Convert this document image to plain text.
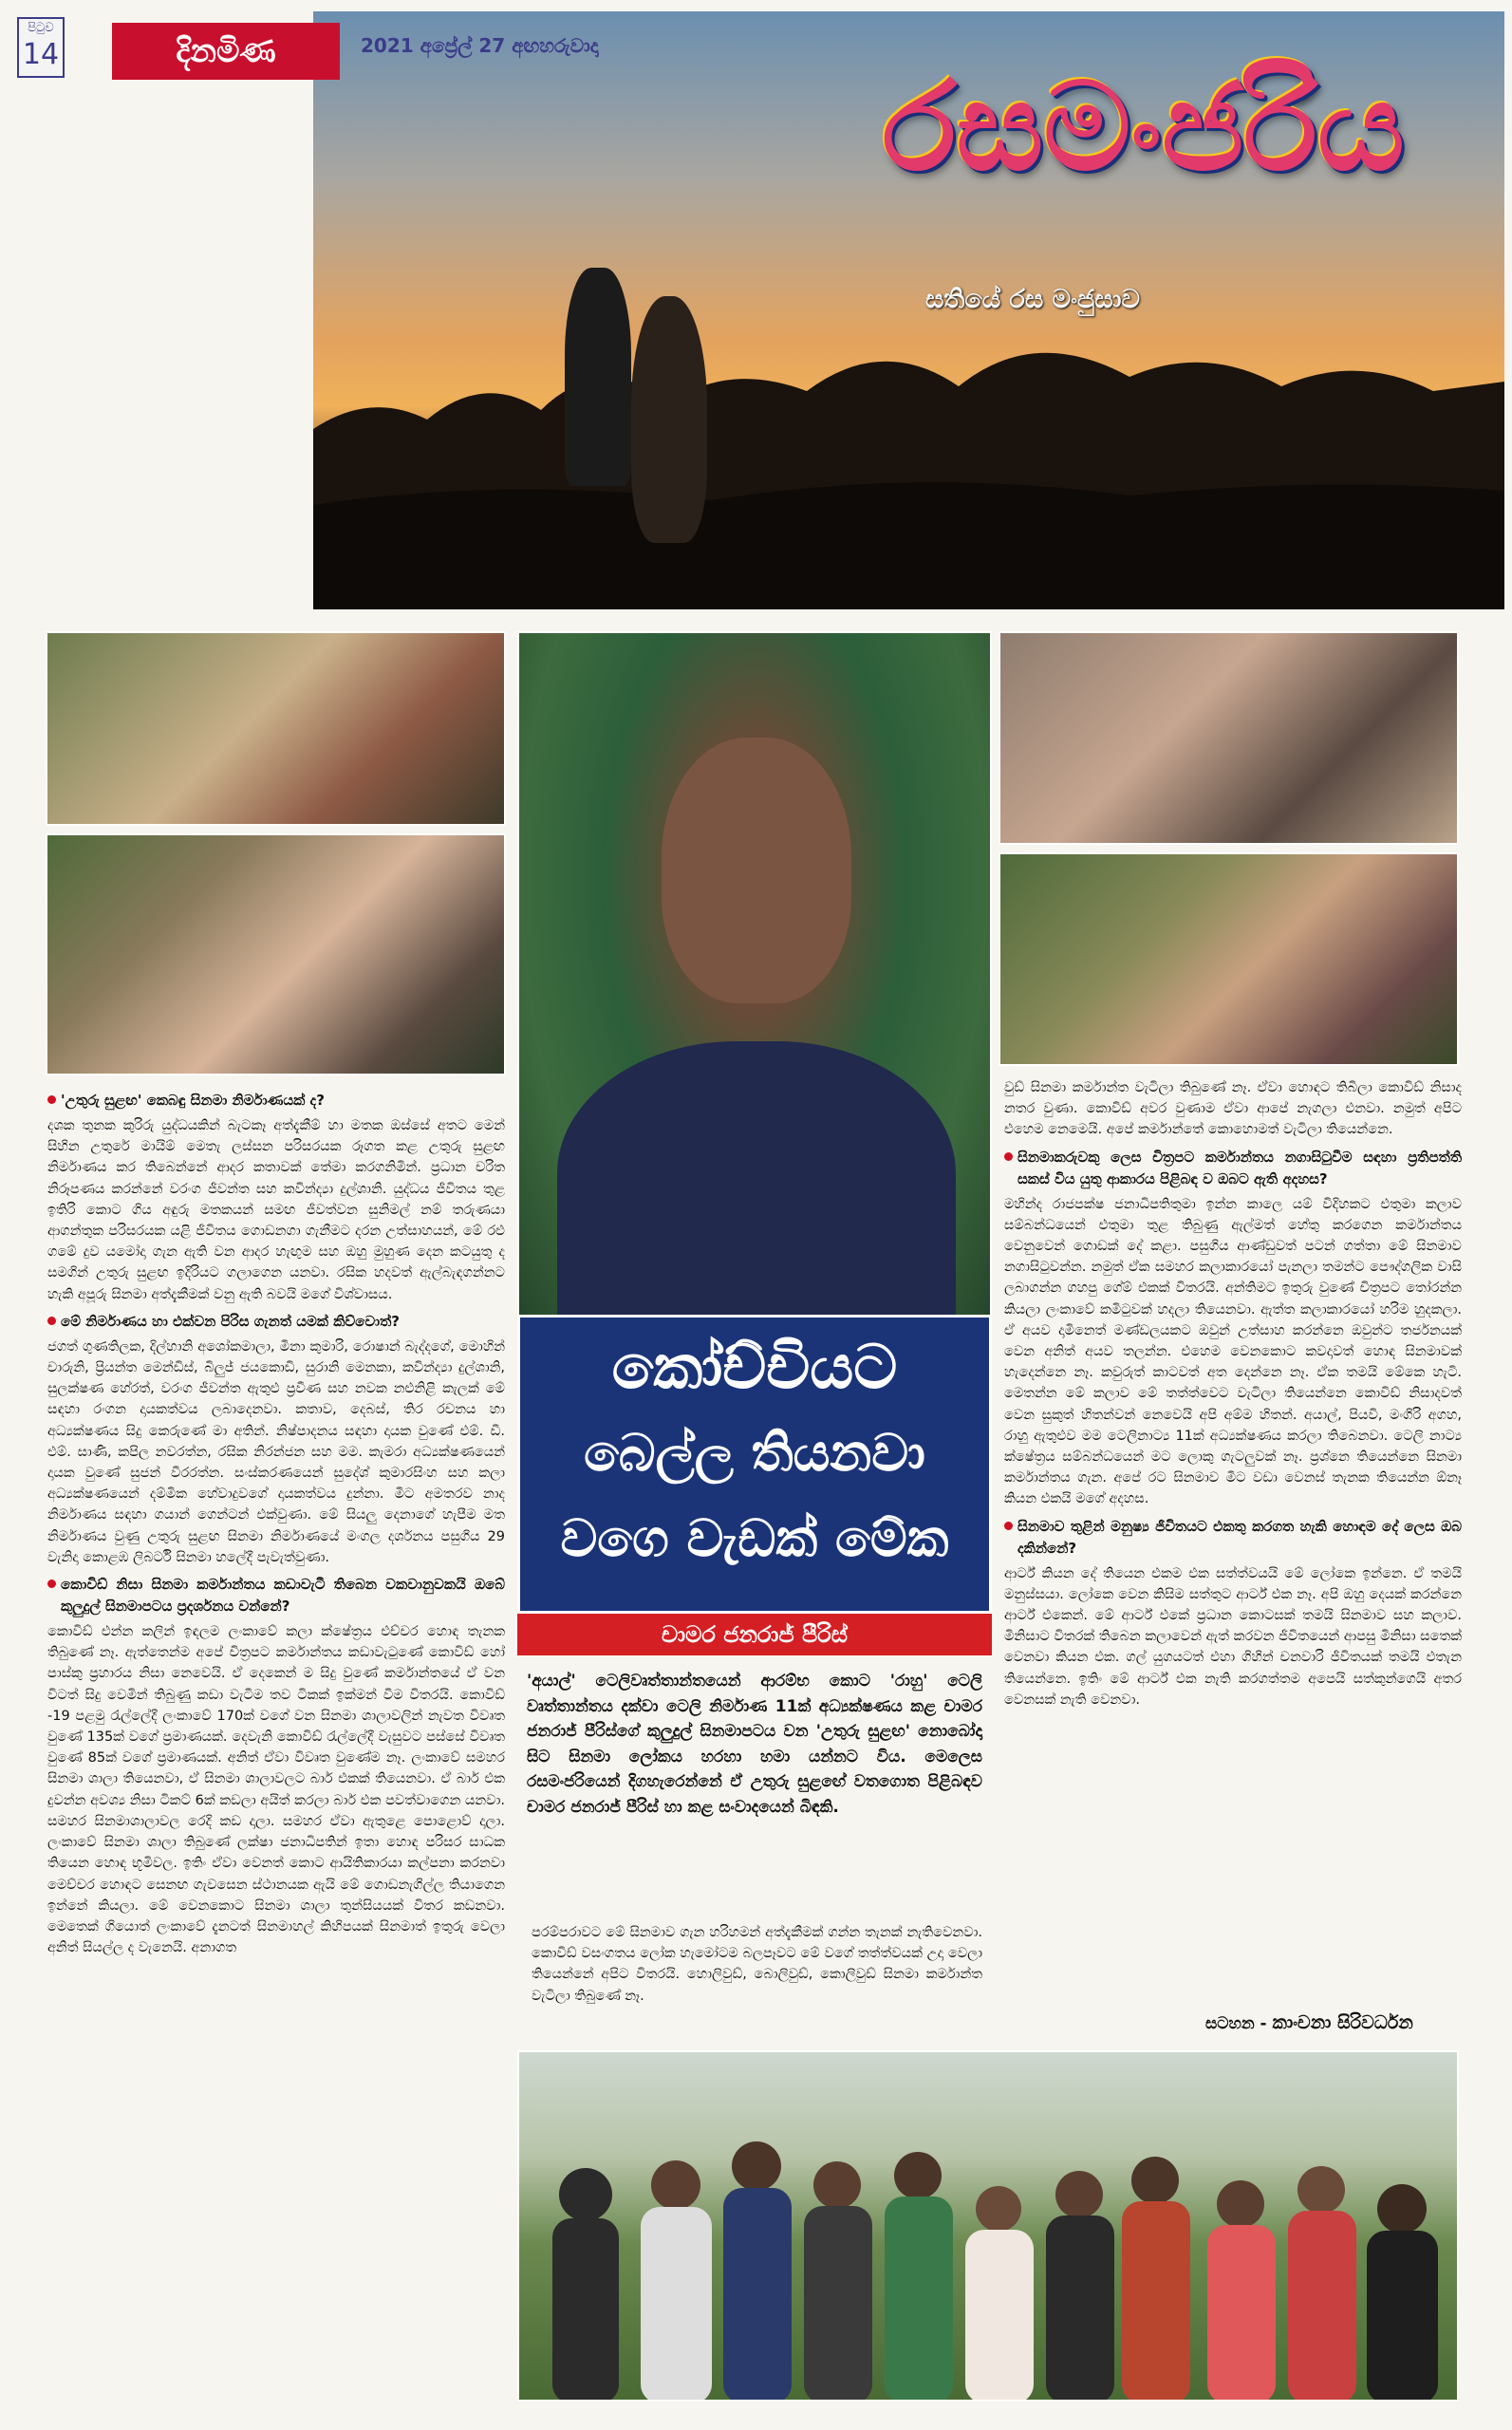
පිටුව
14	දිනමිණ	2021 අප්‍රේල් 27 අඟහරුවාදා
රසමංජරිය
සතියේ රස මංජුසාව
කෝච්චියට
බෙල්ල තියනවා
වගෙ වැඩක් මේක
චාමර ජනරාජ් පීරිස්
'අයාල්' ටෙලිවෘත්තාන්තයෙන් ආරම්භ කොට 'රාහු' ටෙලි වෘත්තාන්තය දක්වා ටෙලි නිර්මාණ 11ක් අධ්‍යක්ෂණය කළ චාමර ජනරාජ් පීරිස්ගේ කුලුදුල් සිනමාපටය වන 'උතුරු සුළඟ' නොබෝදා සිට සිනමා ලෝකය හරහා හමා යන්නට විය. මෙලෙස රසමංජරියෙන් දිගහැරෙන්නේ ඒ උතුරු සුළඟේ වතගොත පිළිබඳව චාමර ජනරාජ් පීරිස් හා කළ සංවාදයෙන් බිඳකි.
'උතුරු සුළඟ' කෙබඳු සිනමා නිර්මාණයක් ද?

දශක තුනක කුරිරු යුද්ධයකින් බැටකෑ අත්දැකීම් හා මතක ඔස්සේ අතට මෙන් සිහින උතුරේ මායිම් මෙතැ ලස්සන පරිසරයක රූගත කළ උතුරු සුළඟ නිර්මාණය කර තිබෙන්නේ ආදර කතාවක් තේමා කරගනිමින්. ප්‍රධාන චරිත නිරූපණය කරන්නේ වරංග ජීවන්ත සහ කවින්ද්‍යා දුල්ශානි. යුද්ධය ජීවිතය තුළ ඉතිරි කොට ගිය අඳුරු මතකයන් සමඟ ජීවත්වන සුනිමල් නම් තරුණයා ආගන්තුක පරිසරයක යළි ජීවිතය ගොඩනගා ගැනීමට දරන උත්සාහයන්, මේ රළු ගමේ දුව යමෝදා ගැන ඇති වන ආදර හැඟුම සහ ඔහු මුහුණ දෙන කටයුතු ද සමගින් උතුරු සුළඟ ඉදිරියට ගලාගෙන යනවා. රසික හදවත් ඇල්බැඳගන්නට හැකි අපූරු සිනමා අත්දැකීමක් වනු ඇති බවයි මගේ විශ්වාසය.

මේ නිර්මාණය හා එක්වන පිරිස ගැනත් යමක් කිව්වොත්?

ජගත් ගුණතිලක, දිල්හානි අශෝකමාලා, මීනා කුමාරි, රොෂාන් බැද්දගේ, මොහින් චාරුනි, ප්‍රියන්ත මෙන්ඩිස්, බිලුජ් ජයකොඩි, සුරානි මෙනකා, කවින්ද්‍යා දුල්ශානි, සුලක්ෂණ හේරත්, වරංග ජීවන්ත ඇතුළු ප්‍රවීණ සහ නවක නළුනිළි කැලක් මේ සඳහා රංගන දායකත්වය ලබාදෙනවා. කතාව, දෙබස්, තිර රචනය හා අධ්‍යක්ෂණය සිදු කෙරුණේ මා අතින්. නිෂ්පාදනය සඳහා දායක වුණේ එම්. ඩී. එම්. සාණි, කපිල නවරත්න, රසික නිරන්ජන සහ මම. කැමරා අධ්‍යක්ෂණයෙන් දායක වුණේ සුජන් වීරරත්න. සංස්කරණයෙන් සුදේශ් කුමාරසිංහ සහ කලා අධ්‍යක්ෂණයෙන් දම්මික හේවාදුවගේ දායකත්වය දුන්නා. මීට අමතරව නාද නිර්මාණය සඳහා ගයාන් ගෙන්ටන් එක්වුණා. මේ සියලු දෙනාගේ හැපීම මත නිර්මාණය වුණු උතුරු සුළඟ සිනමා නිර්මාණයේ මංගල දර්ශනය පසුගිය 29 වැනිදා කොළඹ ලිබර්ටි සිනමා හලේදී පැවැත්වුණා.

කොවිඩ් නිසා සිනමා කර්මාන්තය කඩාවැටී තිබෙන වකවානුවකයි ඔබේ කුලුදුල් සිනමාපටය ප්‍රදර්ශනය වන්නේ?

කොවිඩ් එන්න කලින් ඉඳලම ලංකාවේ කලා ක්ෂේත්‍රය එච්චර හොඳ තැනක තිබුණේ නෑ. ඇත්තෙන්ම අපේ චිත්‍රපට කර්මාන්තය කඩාවැටුණේ කොවිඩ් හෝ පාස්කු ප්‍රහාරය නිසා නෙවෙයි. ඒ දෙකෙන් ම සිදු වුණේ කර්මාන්තයේ ඒ වන විටත් සිදු වෙමින් තිබුණු කඩා වැටීම තව ටිකක් ඉක්මන් වීම විතරයි. කොවිඩ් -19 පළමු රැල්ලේදී ලංකාවේ 170ක් වගේ වන සිනමා ශාලාවලින් නැවත විවෘත වුණේ 135ක් වගේ ප්‍රමාණයක්. දෙවැනි කොවිඩ් රැල්ලේදී වැසුවට පස්සේ විවෘත වුණේ 85ක් වගේ ප්‍රමාණයක්. අනිත් ඒවා විවෘත වුණේම නෑ. ලංකාවේ සමහර සිනමා ශාලා තියෙනවා, ඒ සිනමා ශාලාවලට බාර් එකක් තියෙනවා. ඒ බාර් එක දුවන්න අවශ්‍ය නිසා ටිකට් 6ක් කඩලා අයිත් කරලා බාර් එක පවත්වාගෙන යනවා. සමහර සිනමාශාලාවල රෙදි කඩ දාලා. සමහර ඒවා ඇතුළෙ පොළොව් දාලා. ලංකාවේ සිනමා ශාලා තිබුණේ ලක්ෂා ජනාධිපතින් ඉතා හොඳ පරිසර සාධක තියෙන හොඳ භූමිවල. ඉතිං ඒවා වෙනත් කොට ආයිතිකාරයා කල්පනා කරනවා මෙච්චර හොඳට සෙනඟ ගැවසෙන ස්ථානයක ඇයි මේ ගොඩනැගිල්ල තියාගෙන ඉන්නේ කියලා. මේ වෙනකොට සිනමා ශාලා තුන්සියයක් විතර කඩනවා. මෙතෙක් ගියොත් ලංකාවේ දැනටත් සිනමාහල් කිහිපයක් සිනමාත් ඉතුරු වෙලා අනිත් සියල්ල ද වැනෙයි. අනාගත

පරම්පරාවට මේ සිනමාව ගැන හරිහමන් අත්දැකීමක් ගන්න තැනක් නැතිවෙනවා. කොවිඩ් වසංගතය ලෝක හැමෝටම බලපෑවට මේ වගේ තත්ත්වයක් උදා වෙලා තියෙන්නේ අපිට විතරයි. හොලිවුඩ්, බොලිවුඩ්, කොලිවුඩ් සිනමා කර්මාන්ත වැටිලා තිබුණේ නෑ.

වුඩ් සිනමා කර්මාන්ත වැටිලා තිබුණේ නෑ. ඒවා හොඳට තිබිලා කොවිඩ් නිසාද නතර වුණා. කොවිඩ් අවර වුණාම ඒවා ආපේ නැගලා එනවා. නමුත් අපිට එහෙම නෙමෙයි. අපේ කර්මාන්තේ කොහොමත් වැටිලා තියෙන්නෙ.

සිනමාකරුවකු ලෙස චිත්‍රපට කර්මාන්තය නගාසිටුවීම සඳහා ප්‍රතිපත්ති සකස් විය යුතු ආකාරය පිළිබඳ ව ඔබට ඇති අදහස?

මහින්ද රාජපක්ෂ ජනාධිපතිතුමා ඉන්න කාලෙ යම් විදිහකට එතුමා කලාව සම්බන්ධයෙන් එතුමා තුළ තිබුණු ඇල්මත් හේතු කරගෙන කර්මාන්තය වෙනුවෙන් ගොඩක් දේ කළා. පසුගිය ආණ්ඩුවත් පටන් ගත්තා මේ සිනමාව නගාසිටුවන්න. නමුත් ඒක සමහර කලාකාරයෝ පැනලා තමන්ට පෞද්ගලික වාසි ලබාගන්න ගහපු ගේම් එකක් විතරයි. අන්තිමට ඉතුරු වුණේ චිත්‍රපට තෝරන්න කියලා ලංකාවේ කමිටුවක් හදලා තියෙනවා. ඇත්ත කලාකාරයෝ හරිම හුදකලා. ඒ අයව දාමිනෙත් මණ්ඩලයකට ඔවුන් උත්සාහ කරන්නෙ ඔවුන්ට තර්ජනයක් වෙන අනිත් අයව තලන්න. එහෙම වෙනකොට කවදාවත් හොඳ සිනමාවක් හැදෙන්නෙ නෑ. කවුරුත් කාටවත් අත දෙන්නෙ නෑ. ඒක තමයි මේකෙ හැටි. මෙතන්න මේ කලාව මේ තත්ත්වෙට වැටිලා තියෙන්නෙ කොවිඩ් නිසාදවත් වෙන සුකුත් හිතන්වන් නෙවෙයි අපි අම්ම හිතන්. අයාල්, පියවි, මංගිරි අගහ, රාහු ඇතුළුව මම ටෙලිනාට්‍ය 11ක් අධ්‍යක්ෂණය කරලා තිබෙනවා. ටෙලි නාට්‍ය ක්ෂේත්‍රය සම්බන්ධයෙන් මට ලොකු ගැටලුවක් නෑ. ප්‍රශ්නෙ තියෙන්නෙ සිනමා කර්මාන්තය ගැන. අපේ රට සිනමාව මීට වඩා වෙනස් තැනක තියෙන්න ඕනෑ කියන එකයි මගේ අදහස.

සිනමාව තුළින් මනුෂ්‍ය ජීවිතයට එකතු කරගත හැකි හොඳම දේ ලෙස ඔබ දකින්නේ?

ආර්ට් කියන දේ තියෙන එකම එක සත්ත්වයයි මේ ලෝකෙ ඉන්නෙ. ඒ තමයි මනුස්සයා. ලෝකෙ වෙන කිසිම සත්තුට ආර්ට් එක නෑ. අපි ඔහු දෙයක් කරන්නෙ ආර්ට් එකෙන්. මේ ආර්ට් එකේ ප්‍රධාන කොටසක් තමයි සිනමාව සහ කලාව. මිනිසාට විතරක් තිබෙන කලාවෙන් ඇත් කරවන ජීවිතයෙන් ආපසු මිනිසා සතෙක් වෙනවා කියන එක. ගල් යුගයටත් එහා ගිහින් චනවාරි ජීවිතයක් තමයි එතැන තියෙන්නෙ. ඉතිං මේ ආර්ට් එක නැති කරගත්තම අපෙයි සත්කුන්ගෙයි අතර වෙනසක් නැති වෙනවා.

සටහන - කාංචනා සිරිවර්ධන
